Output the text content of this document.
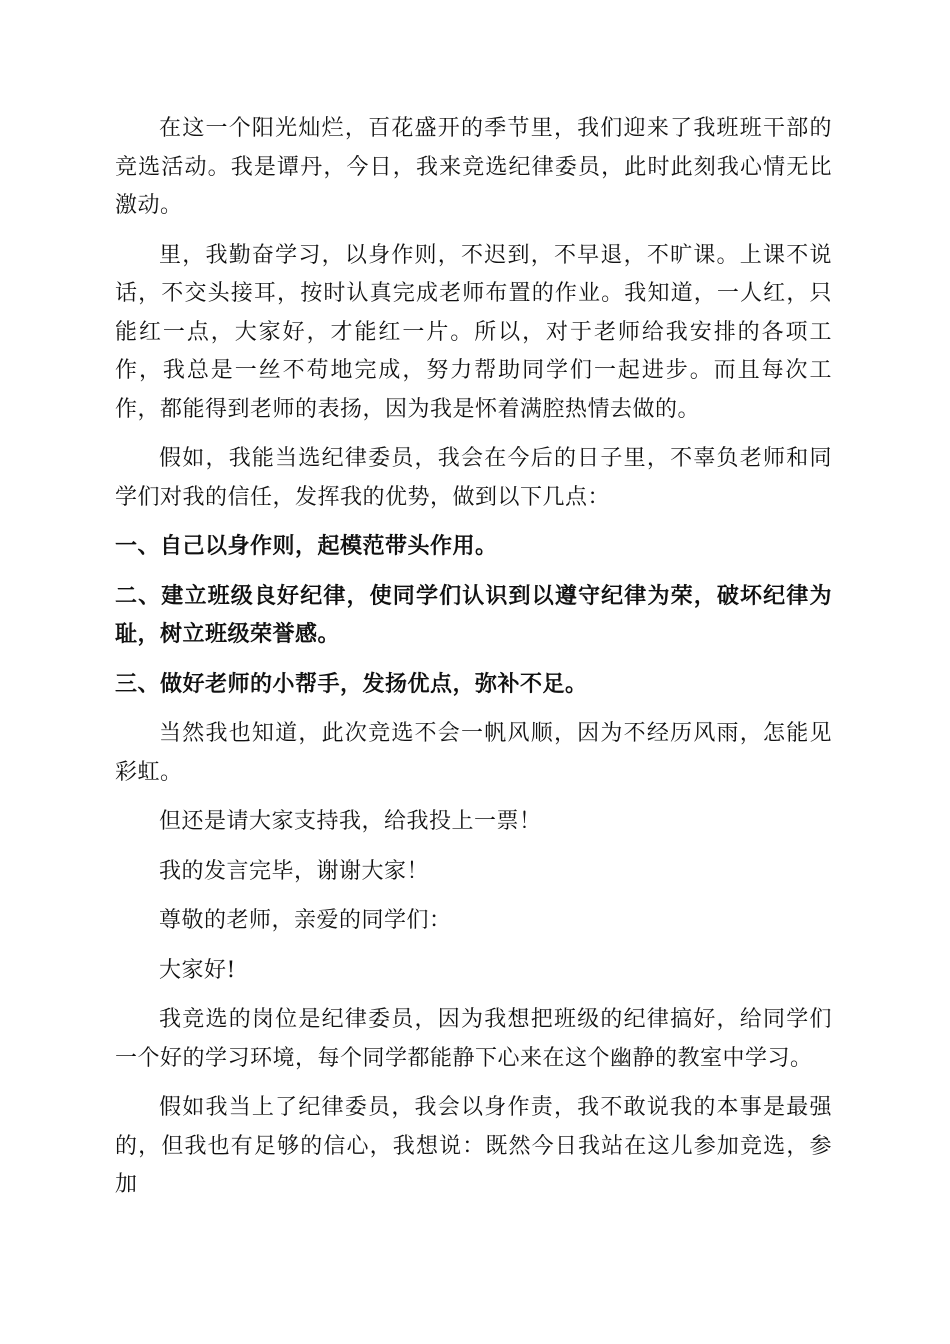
在这一个阳光灿烂，百花盛开的季节里，我们迎来了我班班干部的竞选活动。我是谭丹，今日，我来竞选纪律委员，此时此刻我心情无比激动。

里，我勤奋学习，以身作则，不迟到，不早退，不旷课。上课不说话，不交头接耳，按时认真完成老师布置的作业。我知道，一人红，只能红一点，大家好，才能红一片。所以，对于老师给我安排的各项工作，我总是一丝不苟地完成，努力帮助同学们一起进步。而且每次工作，都能得到老师的表扬，因为我是怀着满腔热情去做的。

假如，我能当选纪律委员，我会在今后的日子里，不辜负老师和同学们对我的信任，发挥我的优势，做到以下几点：

一、自己以身作则，起模范带头作用。

二、建立班级良好纪律，使同学们认识到以遵守纪律为荣，破坏纪律为耻，树立班级荣誉感。

三、做好老师的小帮手，发扬优点，弥补不足。

当然我也知道，此次竞选不会一帆风顺，因为不经历风雨，怎能见彩虹。

但还是请大家支持我，给我投上一票！

我的发言完毕，谢谢大家！

尊敬的老师，亲爱的同学们：

大家好!

我竞选的岗位是纪律委员，因为我想把班级的纪律搞好，给同学们一个好的学习环境，每个同学都能静下心来在这个幽静的教室中学习。

假如我当上了纪律委员，我会以身作责，我不敢说我的本事是最强的，但我也有足够的信心，我想说：既然今日我站在这儿参加竞选，参加
